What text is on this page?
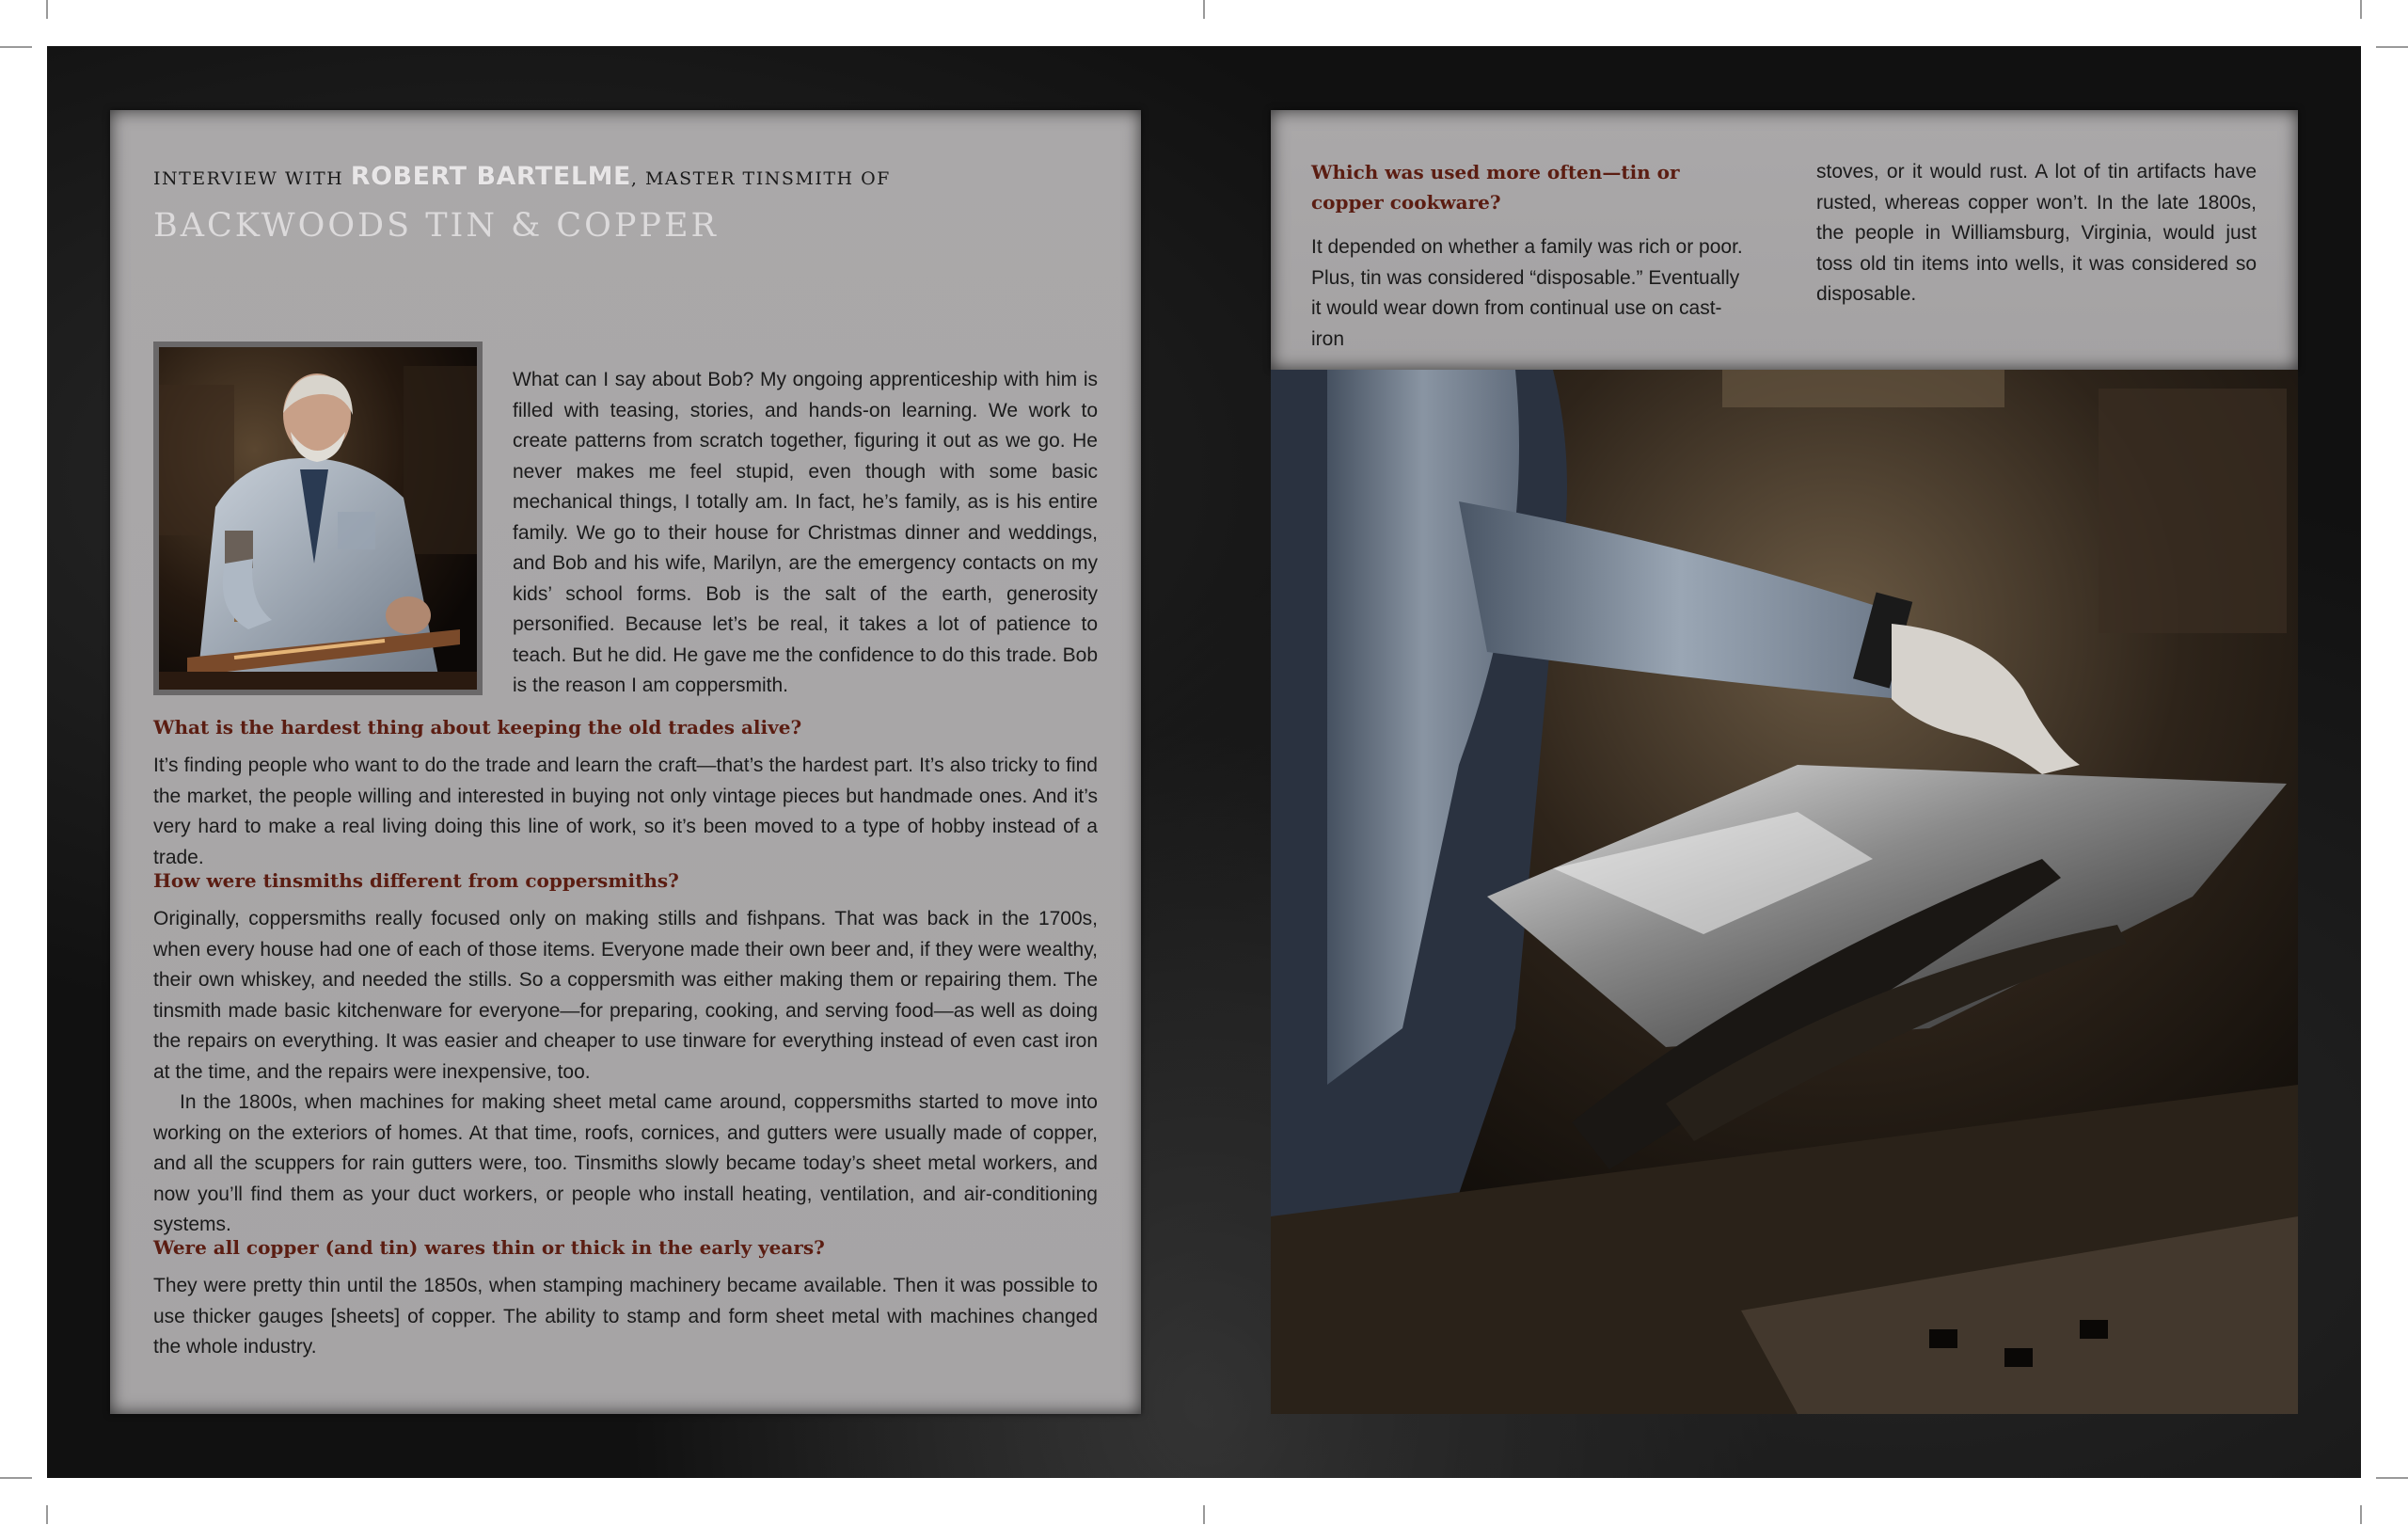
INTERVIEW WITH ROBERT BARTELME, MASTER TINSMITH OF
BACKWOODS TIN & COPPER

What can I say about Bob? My ongoing apprenticeship with him is filled with teasing, stories, and hands-on learning. We work to create patterns from scratch together, figuring it out as we go. He never makes me feel stupid, even though with some basic mechanical things, I totally am. In fact, he’s family, as is his entire family. We go to their house for Christmas dinner and weddings, and Bob and his wife, Marilyn, are the emergency contacts on my kids’ school forms. Bob is the salt of the earth, generosity personified. Because let’s be real, it takes a lot of patience to teach. But he did. He gave me the confidence to do this trade. Bob is the reason I am coppersmith.

What is the hardest thing about keeping the old trades alive?

It’s finding people who want to do the trade and learn the craft—that’s the hardest part. It’s also tricky to find the market, the people willing and interested in buying not only vintage pieces but handmade ones. And it’s very hard to make a real living doing this line of work, so it’s been moved to a type of hobby instead of a trade.

How were tinsmiths different from coppersmiths?

Originally, coppersmiths really focused only on making stills and fishpans. That was back in the 1700s, when every house had one of each of those items. Everyone made their own beer and, if they were wealthy, their own whiskey, and needed the stills. So a coppersmith was either making them or repairing them. The tinsmith made basic kitchenware for everyone—for preparing, cooking, and serving food—as well as doing the repairs on everything. It was easier and cheaper to use tinware for everything instead of even cast iron at the time, and the repairs were inexpensive, too.

In the 1800s, when machines for making sheet metal came around, coppersmiths started to move into working on the exteriors of homes. At that time, roofs, cornices, and gutters were usually made of copper, and all the scuppers for rain gutters were, too. Tinsmiths slowly became today’s sheet metal workers, and now you’ll find them as your duct workers, or people who install heating, ventilation, and air-conditioning systems.

Were all copper (and tin) wares thin or thick in the early years?

They were pretty thin until the 1850s, when stamping machinery became available. Then it was possible to use thicker gauges [sheets] of copper. The ability to stamp and form sheet metal with machines changed the whole industry.

Which was used more often—tin or copper cookware?

It depended on whether a family was rich or poor. Plus, tin was considered “disposable.” Eventually it would wear down from continual use on cast-iron

stoves, or it would rust. A lot of tin artifacts have rusted, whereas copper won’t. In the late 1800s, the people in Williamsburg, Virginia, would just toss old tin items into wells, it was considered so disposable.
